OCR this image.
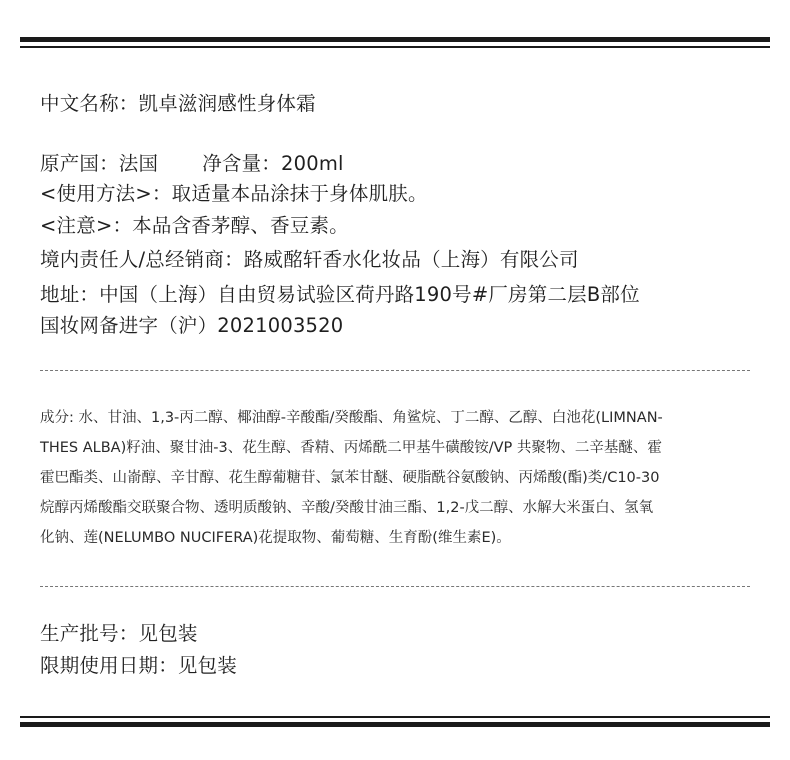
中文名称：凯卓滋润感性身体霜
原产国：法国 净含量：200ml
<使用方法>：取适量本品涂抹于身体肌肤。
<注意>：本品含香茅醇、香豆素。
境内责任人/总经销商：路威酩轩香水化妆品（上海）有限公司
地址：中国（上海）自由贸易试验区荷丹路190号#厂房第二层B部位
国妆网备进字（沪）2021003520
成分: 水、甘油、1,3-丙二醇、椰油醇-辛酸酯/癸酸酯、角鲨烷、丁二醇、乙醇、白池花(LIMNAN-
THES ALBA)籽油、聚甘油-3、花生醇、香精、丙烯酰二甲基牛磺酸铵/VP 共聚物、二辛基醚、霍
霍巴酯类、山嵛醇、辛甘醇、花生醇葡糖苷、氯苯甘醚、硬脂酰谷氨酸钠、丙烯酸(酯)类/C10-30
烷醇丙烯酸酯交联聚合物、透明质酸钠、辛酸/癸酸甘油三酯、1,2-戊二醇、水解大米蛋白、氢氧
化钠、莲(NELUMBO NUCIFERA)花提取物、葡萄糖、生育酚(维生素E)。
生产批号：见包装
限期使用日期：见包装
